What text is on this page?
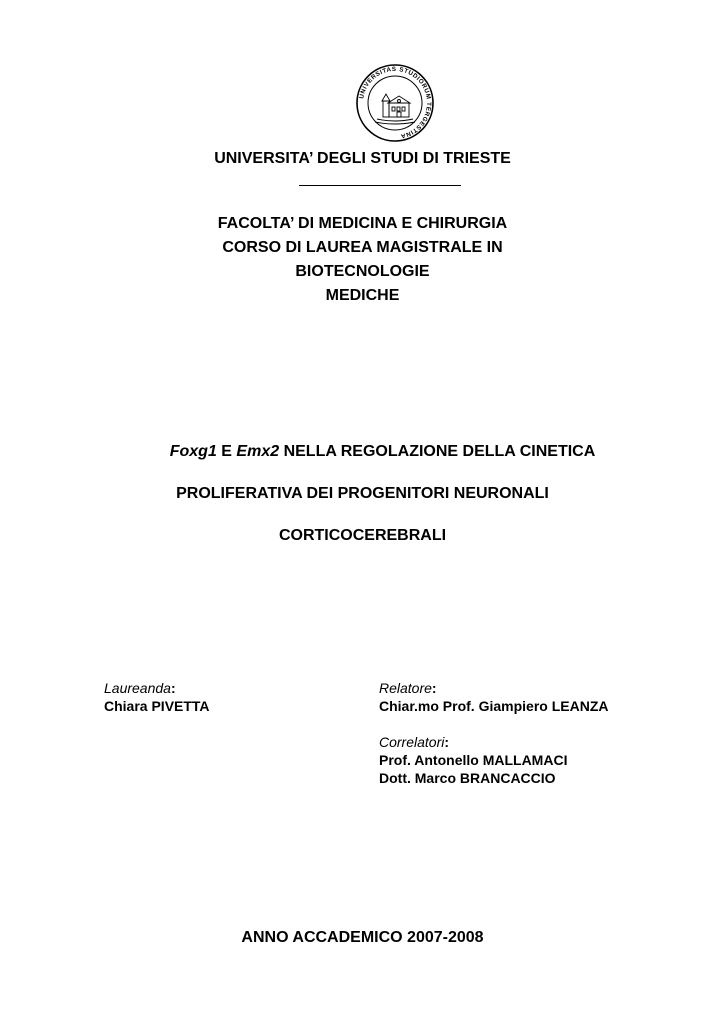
UNIVERSITAS STUDIORUM TERGESTINA
UNIVERSITA’ DEGLI STUDI DI TRIESTE
FACOLTA’ DI MEDICINA E CHIRURGIA
CORSO DI LAUREA MAGISTRALE IN
BIOTECNOLOGIE
MEDICHE
Foxg1 E Emx2 NELLA REGOLAZIONE DELLA CINETICA
PROLIFERATIVA DEI PROGENITORI NEURONALI
CORTICOCEREBRALI
Laureanda:
Chiara PIVETTA
Relatore:
Chiar.mo Prof. Giampiero LEANZA
Correlatori:
Prof. Antonello MALLAMACI
Dott. Marco BRANCACCIO
ANNO ACCADEMICO 2007-2008
